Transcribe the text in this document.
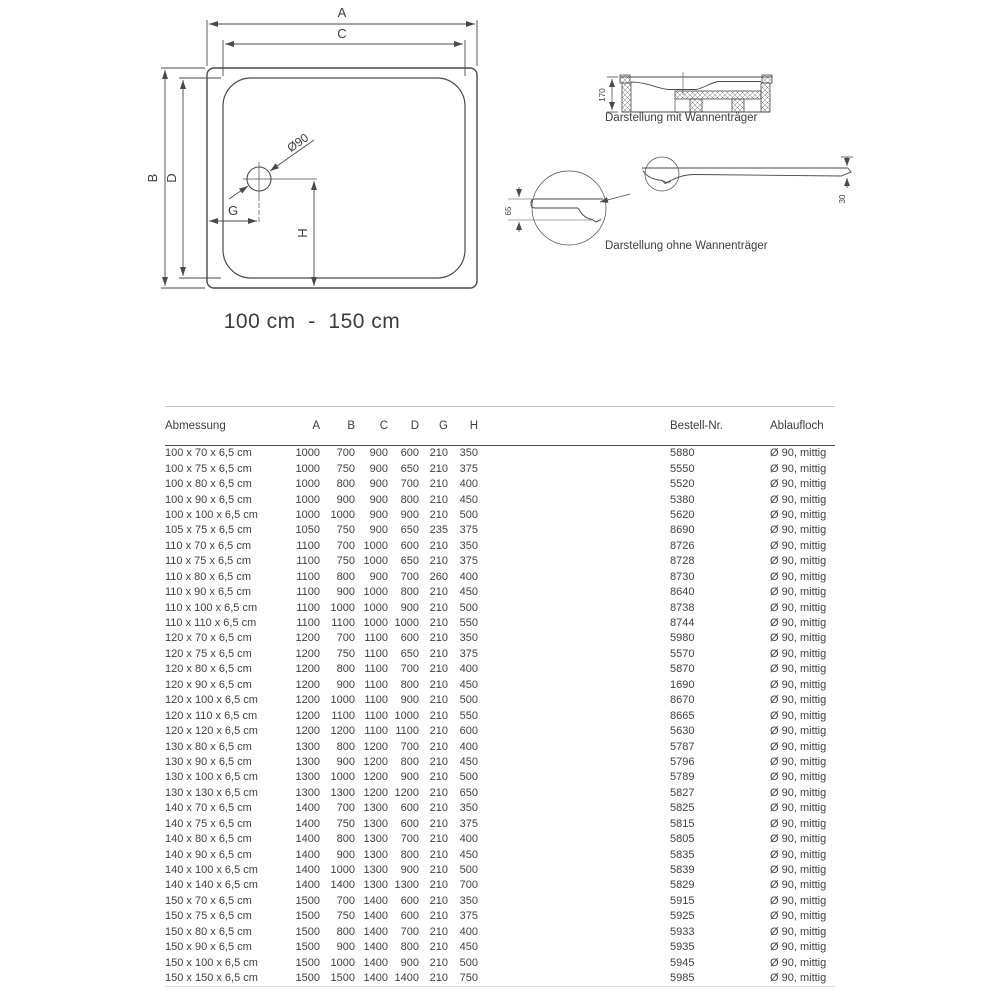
A
C
B D
Ø90
G
H
100 cm  -  150 cm
170
Darstellung mit Wannenträger
65
30
Darstellung ohne Wannenträger
Abmessung	A	B	C	D	G	H		Bestell-Nr.	Ablaufloch
100 x 70 x 6,5 cm	1000	700	900	600	210	350		5880	Ø 90, mittig
100 x 75 x 6,5 cm	1000	750	900	650	210	375		5550	Ø 90, mittig
100 x 80 x 6,5 cm	1000	800	900	700	210	400		5520	Ø 90, mittig
100 x 90 x 6,5 cm	1000	900	900	800	210	450		5380	Ø 90, mittig
100 x 100 x 6,5 cm	1000	1000	900	900	210	500		5620	Ø 90, mittig
105 x 75 x 6,5 cm	1050	750	900	650	235	375		8690	Ø 90, mittig
110 x 70 x 6,5 cm	1100	700	1000	600	210	350		8726	Ø 90, mittig
110 x 75 x 6,5 cm	1100	750	1000	650	210	375		8728	Ø 90, mittig
110 x 80 x 6,5 cm	1100	800	900	700	260	400		8730	Ø 90, mittig
110 x 90 x 6,5 cm	1100	900	1000	800	210	450		8640	Ø 90, mittig
110 x 100 x 6,5 cm	1100	1000	1000	900	210	500		8738	Ø 90, mittig
110 x 110 x 6,5 cm	1100	1100	1000	1000	210	550		8744	Ø 90, mittig
120 x 70 x 6,5 cm	1200	700	1100	600	210	350		5980	Ø 90, mittig
120 x 75 x 6,5 cm	1200	750	1100	650	210	375		5570	Ø 90, mittig
120 x 80 x 6,5 cm	1200	800	1100	700	210	400		5870	Ø 90, mittig
120 x 90 x 6,5 cm	1200	900	1100	800	210	450		1690	Ø 90, mittig
120 x 100 x 6,5 cm	1200	1000	1100	900	210	500		8670	Ø 90, mittig
120 x 110 x 6,5 cm	1200	1100	1100	1000	210	550		8665	Ø 90, mittig
120 x 120 x 6,5 cm	1200	1200	1100	1100	210	600		5630	Ø 90, mittig
130 x 80 x 6,5 cm	1300	800	1200	700	210	400		5787	Ø 90, mittig
130 x 90 x 6,5 cm	1300	900	1200	800	210	450		5796	Ø 90, mittig
130 x 100 x 6,5 cm	1300	1000	1200	900	210	500		5789	Ø 90, mittig
130 x 130 x 6,5 cm	1300	1300	1200	1200	210	650		5827	Ø 90, mittig
140 x 70 x 6,5 cm	1400	700	1300	600	210	350		5825	Ø 90, mittig
140 x 75 x 6,5 cm	1400	750	1300	600	210	375		5815	Ø 90, mittig
140 x 80 x 6,5 cm	1400	800	1300	700	210	400		5805	Ø 90, mittig
140 x 90 x 6,5 cm	1400	900	1300	800	210	450		5835	Ø 90, mittig
140 x 100 x 6,5 cm	1400	1000	1300	900	210	500		5839	Ø 90, mittig
140 x 140 x 6,5 cm	1400	1400	1300	1300	210	700		5829	Ø 90, mittig
150 x 70 x 6,5 cm	1500	700	1400	600	210	350		5915	Ø 90, mittig
150 x 75 x 6,5 cm	1500	750	1400	600	210	375		5925	Ø 90, mittig
150 x 80 x 6,5 cm	1500	800	1400	700	210	400		5933	Ø 90, mittig
150 x 90 x 6,5 cm	1500	900	1400	800	210	450		5935	Ø 90, mittig
150 x 100 x 6,5 cm	1500	1000	1400	900	210	500		5945	Ø 90, mittig
150 x 150 x 6,5 cm	1500	1500	1400	1400	210	750		5985	Ø 90, mittig
